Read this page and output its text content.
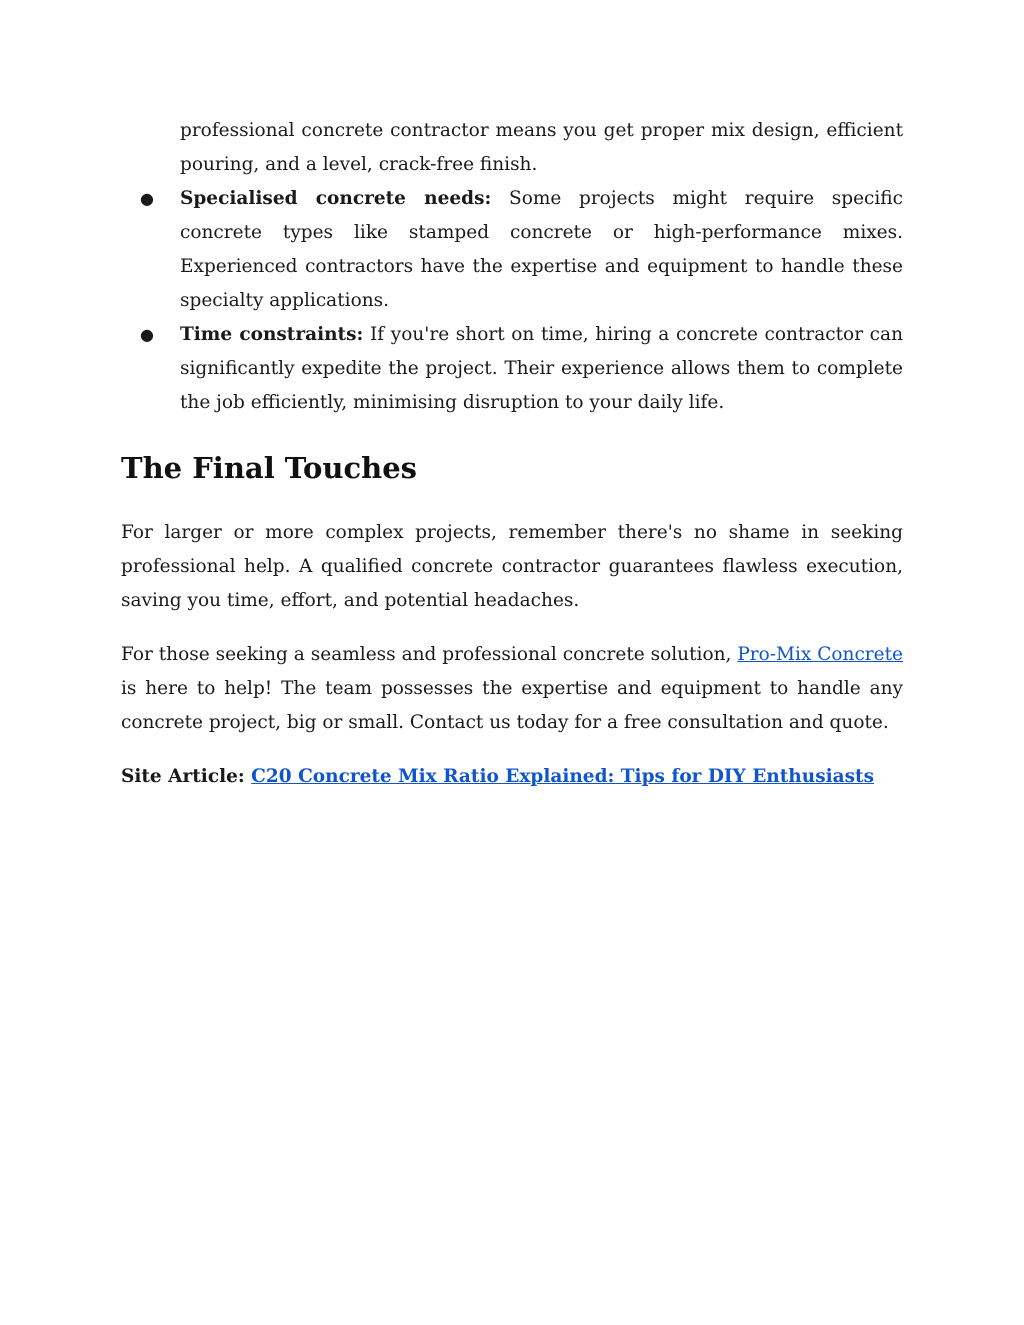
professional concrete contractor means you get proper mix design, efficient pouring, and a level, crack-free finish.

● Specialised concrete needs: Some projects might require specific concrete types like stamped concrete or high-performance mixes. Experienced contractors have the expertise and equipment to handle these specialty applications.
● Time constraints: If you're short on time, hiring a concrete contractor can significantly expedite the project. Their experience allows them to complete the job efficiently, minimising disruption to your daily life.
The Final Touches

For larger or more complex projects, remember there's no shame in seeking professional help. A qualified concrete contractor guarantees flawless execution, saving you time, effort, and potential headaches.

For those seeking a seamless and professional concrete solution, Pro-Mix Concrete is here to help! The team possesses the expertise and equipment to handle any concrete project, big or small. Contact us today for a free consultation and quote.

Site Article: C20 Concrete Mix Ratio Explained: Tips for DIY Enthusiasts
